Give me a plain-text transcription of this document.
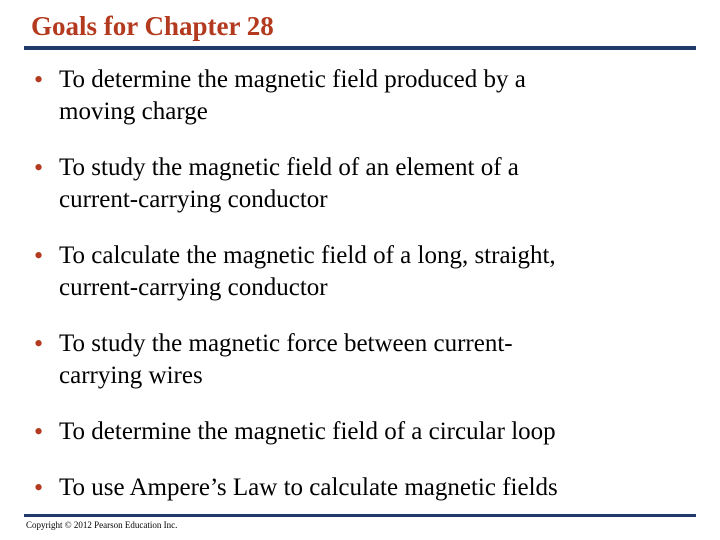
Goals for Chapter 28
• To determine the magnetic field produced by a
moving charge
• To study the magnetic field of an element of a
current-carrying conductor
• To calculate the magnetic field of a long, straight,
current-carrying conductor
• To study the magnetic force between current-
carrying wires
• To determine the magnetic field of a circular loop
• To use Ampere’s Law to calculate magnetic fields
Copyright © 2012 Pearson Education Inc.
